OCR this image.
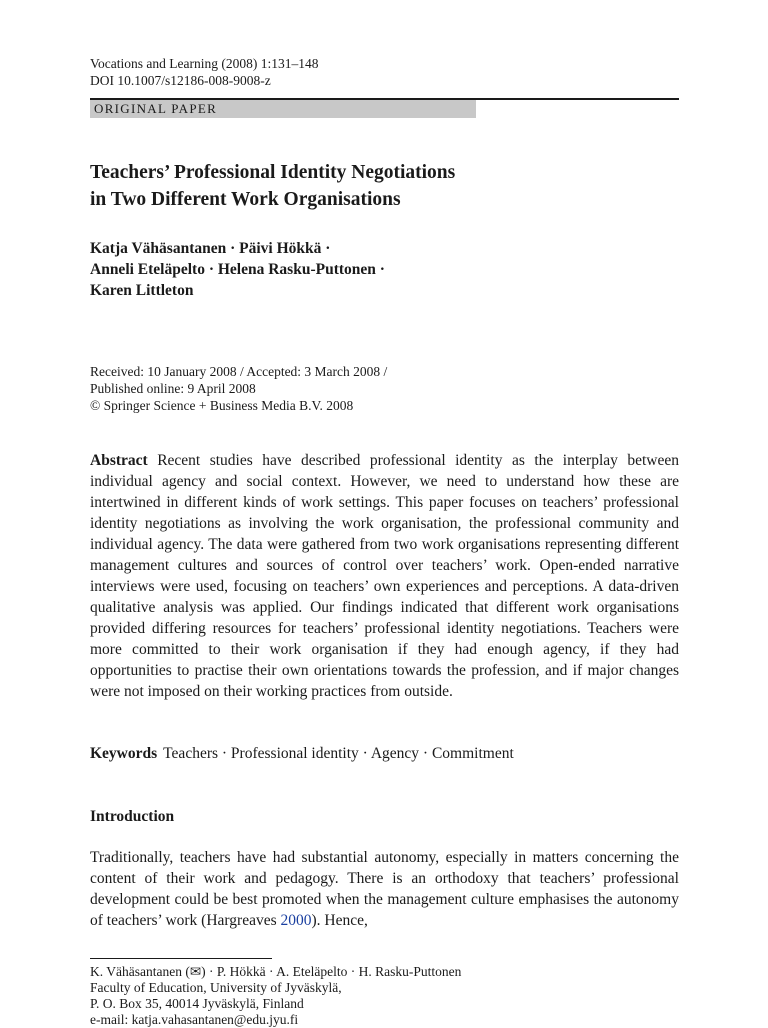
Vocations and Learning (2008) 1:131–148
DOI 10.1007/s12186-008-9008-z
ORIGINAL PAPER
Teachers’ Professional Identity Negotiations
in Two Different Work Organisations
Katja Vähäsantanen · Päivi Hökkä ·
Anneli Eteläpelto · Helena Rasku-Puttonen ·
Karen Littleton
Received: 10 January 2008 / Accepted: 3 March 2008 /
Published online: 9 April 2008
© Springer Science + Business Media B.V. 2008
Abstract Recent studies have described professional identity as the interplay between individual agency and social context. However, we need to understand how these are intertwined in different kinds of work settings. This paper focuses on teachers’ professional identity negotiations as involving the work organisation, the professional community and individual agency. The data were gathered from two work organisations representing different management cultures and sources of control over teachers’ work. Open-ended narrative interviews were used, focusing on teachers’ own experiences and perceptions. A data-driven qualitative analysis was applied. Our findings indicated that different work organisations provided differing resources for teachers’ professional identity negotiations. Teachers were more committed to their work organisation if they had enough agency, if they had opportunities to practise their own orientations towards the profession, and if major changes were not imposed on their working practices from outside.
Keywords Teachers · Professional identity · Agency · Commitment
Introduction
Traditionally, teachers have had substantial autonomy, especially in matters concerning the content of their work and pedagogy. There is an orthodoxy that teachers’ professional development could be best promoted when the management culture emphasises the autonomy of teachers’ work (Hargreaves 2000). Hence,
K. Vähäsantanen (✉) · P. Hökkä · A. Eteläpelto · H. Rasku-Puttonen
Faculty of Education, University of Jyväskylä,
P. O. Box 35, 40014 Jyväskylä, Finland
e-mail: katja.vahasantanen@edu.jyu.fi
